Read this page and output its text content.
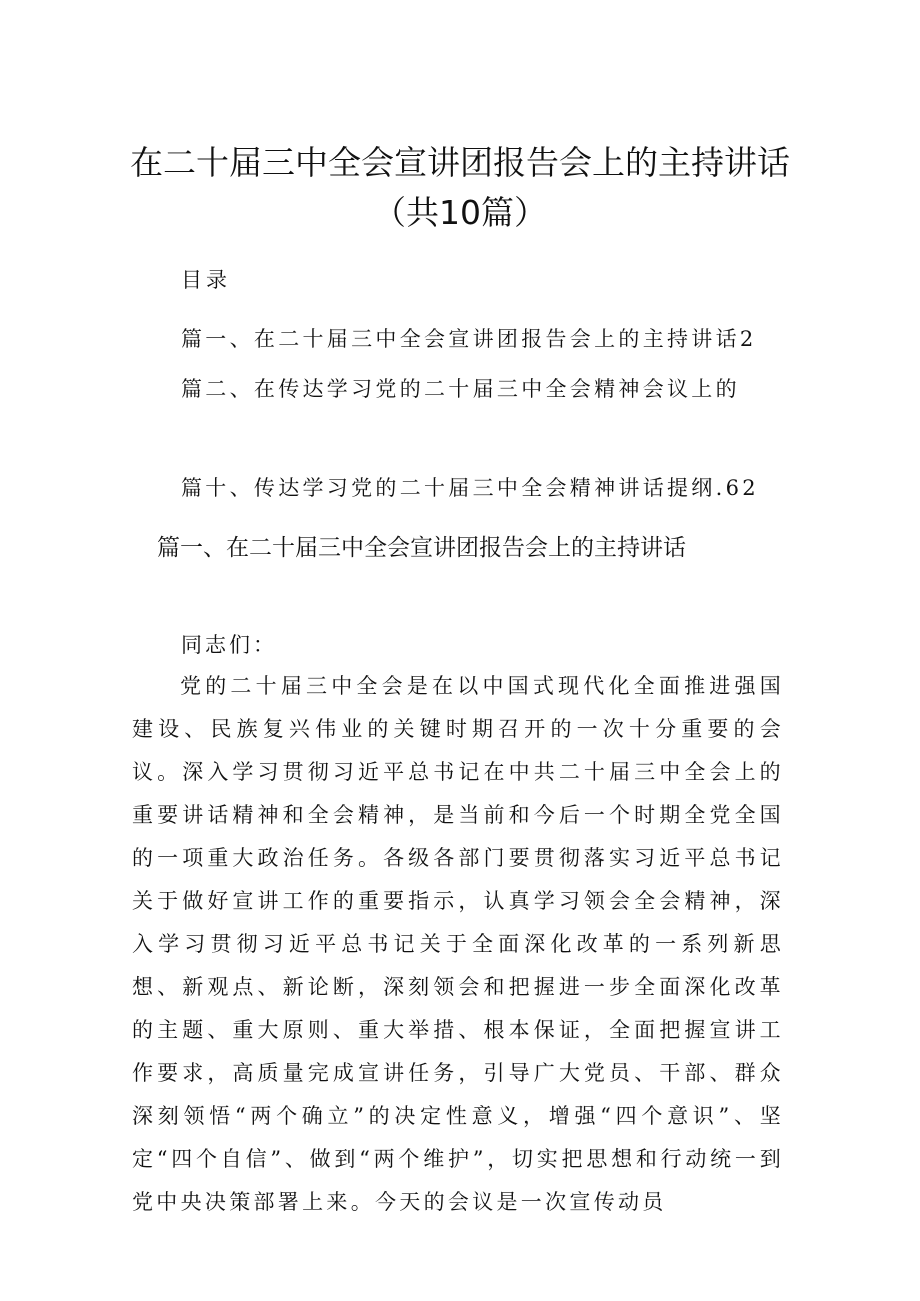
在二十届三中全会宣讲团报告会上的主持讲话（共10篇）
目录
篇一、在二十届三中全会宣讲团报告会上的主持讲话2
篇二、在传达学习党的二十届三中全会精神会议上的
篇十、传达学习党的二十届三中全会精神讲话提纲.62
篇一、在二十届三中全会宣讲团报告会上的主持讲话
同志们：
党的二十届三中全会是在以中国式现代化全面推进强国建设、民族复兴伟业的关键时期召开的一次十分重要的会议。深入学习贯彻习近平总书记在中共二十届三中全会上的重要讲话精神和全会精神，是当前和今后一个时期全党全国的一项重大政治任务。各级各部门要贯彻落实习近平总书记关于做好宣讲工作的重要指示，认真学习领会全会精神，深入学习贯彻习近平总书记关于全面深化改革的一系列新思想、新观点、新论断，深刻领会和把握进一步全面深化改革的主题、重大原则、重大举措、根本保证，全面把握宣讲工作要求，高质量完成宣讲任务，引导广大党员、干部、群众深刻领悟“两个确立”的决定性意义，增强“四个意识”、坚定“四个自信”、做到“两个维护”，切实把思想和行动统一到党中央决策部署上来。今天的会议是一次宣传动员
